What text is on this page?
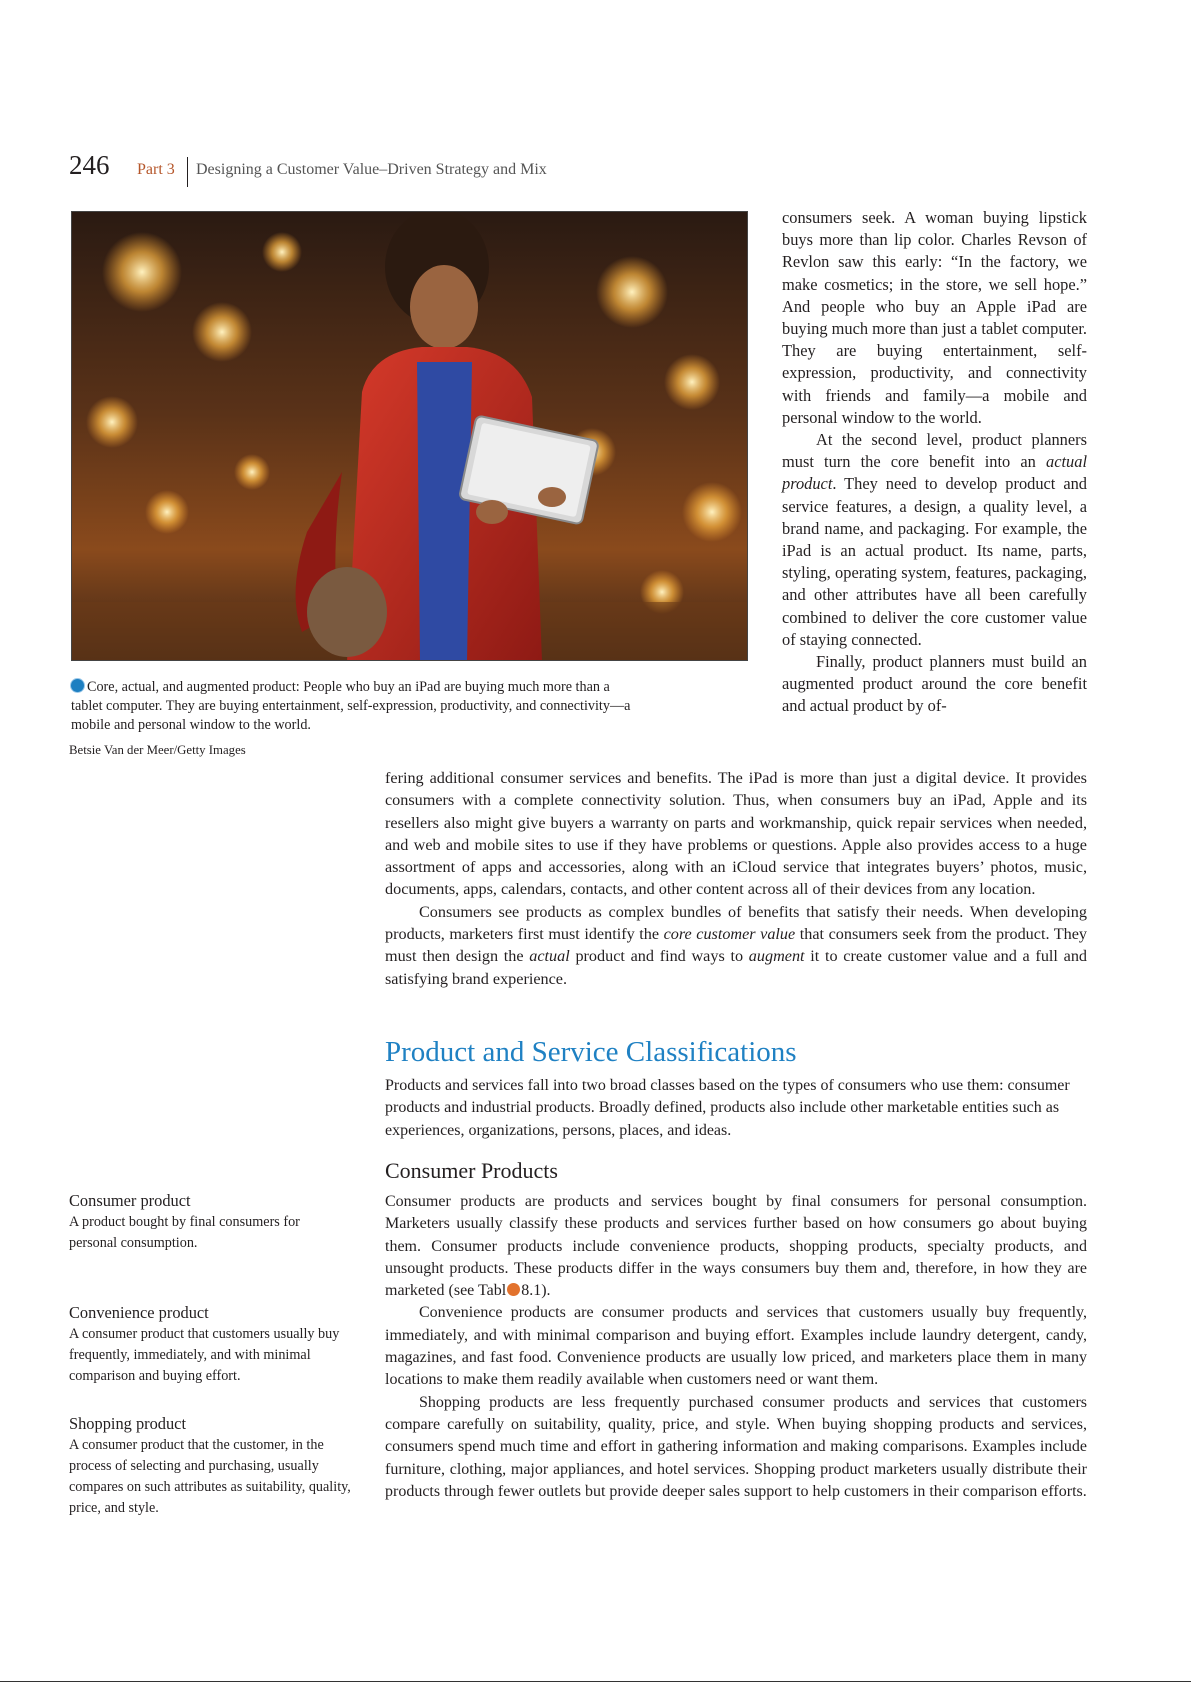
246 Part 3 Designing a Customer Value–Driven Strategy and Mix
Core, actual, and augmented product: People who buy an iPad are buying much more than a tablet computer. They are buying entertainment, self-expression, productivity, and connectivity—a mobile and personal window to the world.
Betsie Van der Meer/Getty Images

consumers seek. A woman buying lipstick buys more than lip color. Charles Revson of Revlon saw this early: “In the factory, we make cosmetics; in the store, we sell hope.” And people who buy an Apple iPad are buying much more than just a tablet computer. They are buying entertainment, self-expression, productivity, and connectivity with friends and family—a mobile and personal window to the world.

At the second level, product planners must turn the core benefit into an actual product. They need to develop product and service features, a design, a quality level, a brand name, and packaging. For example, the iPad is an actual product. Its name, parts, styling, operating system, features, packaging, and other attributes have all been carefully combined to deliver the core customer value of staying connected.

Finally, product planners must build an augmented product around the core benefit and actual product by of-

fering additional consumer services and benefits. The iPad is more than just a digital device. It provides consumers with a complete connectivity solution. Thus, when consumers buy an iPad, Apple and its resellers also might give buyers a warranty on parts and workmanship, quick repair services when needed, and web and mobile sites to use if they have problems or questions. Apple also provides access to a huge assortment of apps and accessories, along with an iCloud service that integrates buyers’ photos, music, documents, apps, calendars, contacts, and other content across all of their devices from any location.

Consumers see products as complex bundles of benefits that satisfy their needs. When developing products, marketers first must identify the core customer value that consumers seek from the product. They must then design the actual product and find ways to augment it to create customer value and a full and satisfying brand experience.

Product and Service Classifications
Products and services fall into two broad classes based on the types of consumers who use them: consumer products and industrial products. Broadly defined, products also include other marketable entities such as experiences, organizations, persons, places, and ideas.
Consumer Products

Consumer products are products and services bought by final consumers for personal consumption. Marketers usually classify these products and services further based on how consumers go about buying them. Consumer products include convenience products, shopping products, specialty products, and unsought products. These products differ in the ways consumers buy them and, therefore, in how they are marketed (see Tabl 8.1).

Convenience products are consumer products and services that customers usually buy frequently, immediately, and with minimal comparison and buying effort. Examples include laundry detergent, candy, magazines, and fast food. Convenience products are usually low priced, and marketers place them in many locations to make them readily available when customers need or want them.

Shopping products are less frequently purchased consumer products and services that customers compare carefully on suitability, quality, price, and style. When buying shopping products and services, consumers spend much time and effort in gathering information and making comparisons. Examples include furniture, clothing, major appliances, and hotel services. Shopping product marketers usually distribute their products through fewer outlets but provide deeper sales support to help customers in their comparison efforts.

Consumer product
A product bought by final consumers for personal consumption.
Convenience product
A consumer product that customers usually buy frequently, immediately, and with minimal comparison and buying effort.
Shopping product
A consumer product that the customer, in the process of selecting and purchasing, usually compares on such attributes as suitability, quality, price, and style.
